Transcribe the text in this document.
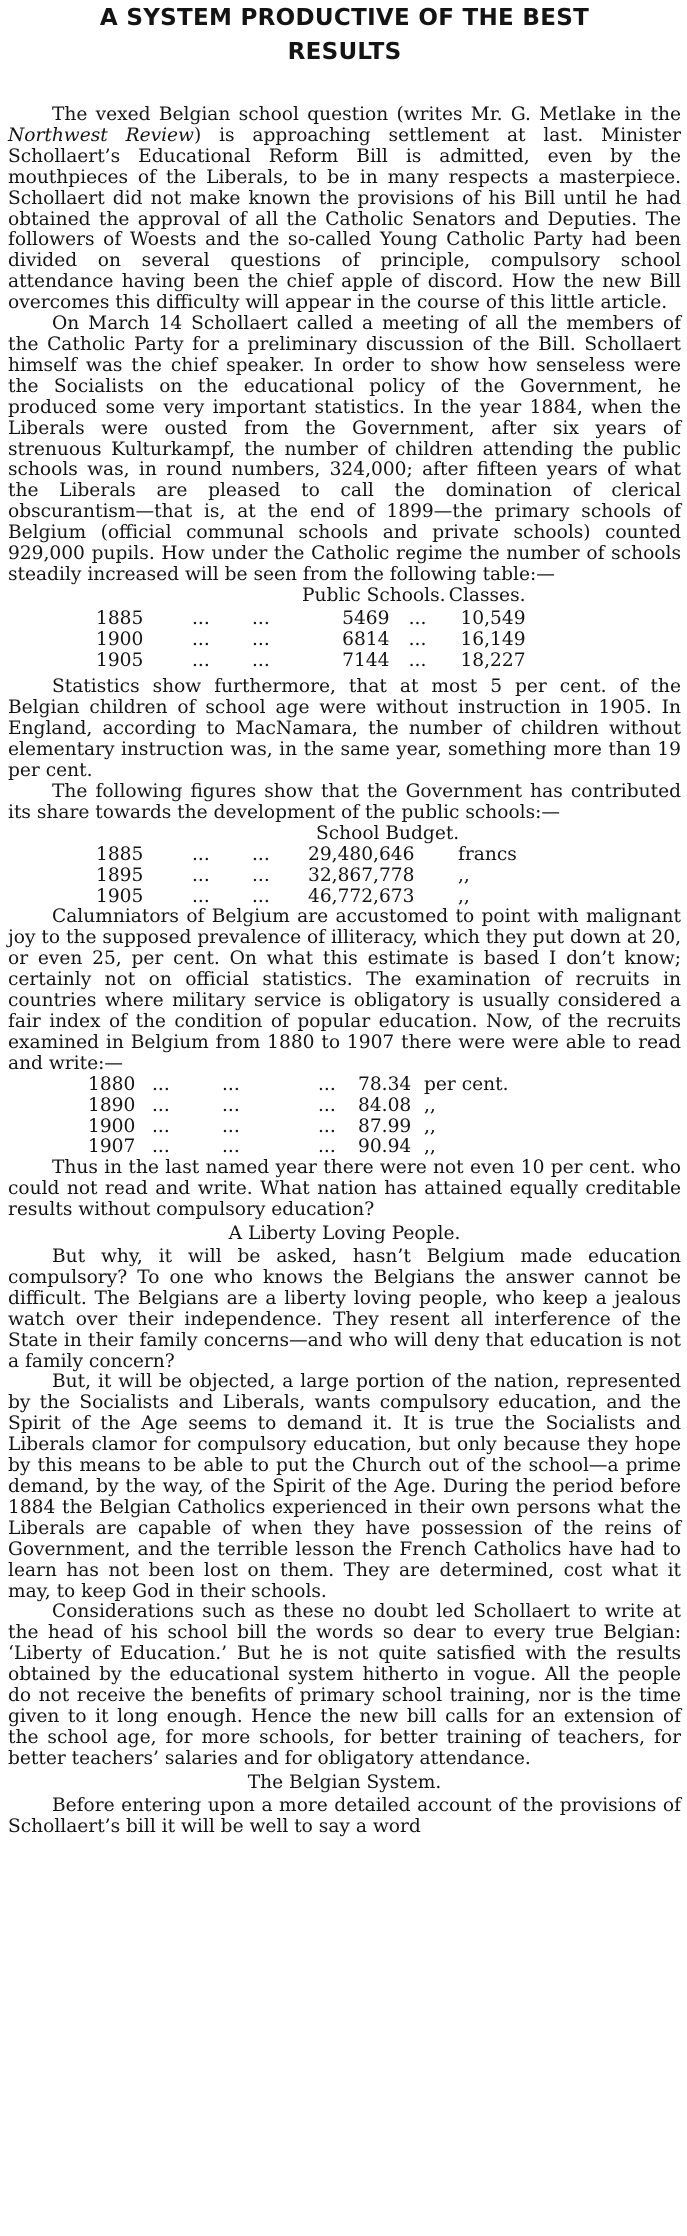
A SYSTEM PRODUCTIVE OF THE BEST
RESULTS

The vexed Belgian school question (writes Mr. G. Metlake in the Northwest Review) is approaching settlement at last. Minister Schollaert’s Educational Reform Bill is admitted, even by the mouthpieces of the Liberals, to be in many respects a masterpiece. Schollaert did not make known the provisions of his Bill until he had obtained the approval of all the Catholic Senators and Deputies. The followers of Woests and the so-called Young Catholic Party had been divided on several questions of principle, compulsory school attendance having been the chief apple of discord. How the new Bill overcomes this difficulty will appear in the course of this little article.

On March 14 Schollaert called a meeting of all the members of the Catholic Party for a preliminary discussion of the Bill. Schollaert himself was the chief speaker. In order to show how senseless were the Socialists on the educational policy of the Government, he produced some very important statistics. In the year 1884, when the Liberals were ousted from the Government, after six years of strenuous Kulturkampf, the number of children attending the public schools was, in round numbers, 324,000; after fifteen years of what the Liberals are pleased to call the domination of clerical obscurantism—that is, at the end of 1899—the primary schools of Belgium (official communal schools and private schools) counted 929,000 pupils. How under the Catholic regime the number of schools steadily increased will be seen from the following table:—

			Public Schools.		Classes.
1885	...	...	5469	...	10,549
1900	...	...	6814	...	16,149
1905	...	...	7144	...	18,227

Statistics show furthermore, that at most 5 per cent. of the Belgian children of school age were without instruction in 1905. In England, according to MacNamara, the number of children without elementary instruction was, in the same year, something more than 19 per cent.

The following figures show that the Government has contributed its share towards the development of the public schools:—

			School Budget.	
1885	...	...	29,480,646	francs
1895	...	...	32,867,778	,,
1905	...	...	46,772,673	,,

Calumniators of Belgium are accustomed to point with malignant joy to the supposed prevalence of illiteracy, which they put down at 20, or even 25, per cent. On what this estimate is based I don’t know; certainly not on official statistics. The examination of recruits in countries where military service is obligatory is usually considered a fair index of the condition of popular education. Now, of the recruits examined in Belgium from 1880 to 1907 there were were able to read and write:—

1880	...	...	...	78.34	per cent.
1890	...	...	...	84.08	,,
1900	...	...	...	87.99	,,
1907	...	...	...	90.94	,,

Thus in the last named year there were not even 10 per cent. who could not read and write. What nation has attained equally creditable results without compulsory education?

A Liberty Loving People.

But why, it will be asked, hasn’t Belgium made education compulsory? To one who knows the Belgians the answer cannot be difficult. The Belgians are a liberty loving people, who keep a jealous watch over their independence. They resent all interference of the State in their family concerns—and who will deny that education is not a family concern?

But, it will be objected, a large portion of the nation, represented by the Socialists and Liberals, wants compulsory education, and the Spirit of the Age seems to demand it. It is true the Socialists and Liberals clamor for compulsory education, but only because they hope by this means to be able to put the Church out of the school—a prime demand, by the way, of the Spirit of the Age. During the period before 1884 the Belgian Catholics experienced in their own persons what the Liberals are capable of when they have possession of the reins of Government, and the terrible lesson the French Catholics have had to learn has not been lost on them. They are determined, cost what it may, to keep God in their schools.

Considerations such as these no doubt led Schollaert to write at the head of his school bill the words so dear to every true Belgian: ‘Liberty of Education.’ But he is not quite satisfied with the results obtained by the educational system hitherto in vogue. All the people do not receive the benefits of primary school training, nor is the time given to it long enough. Hence the new bill calls for an extension of the school age, for more schools, for better training of teachers, for better teachers’ salaries and for obligatory attendance.

The Belgian System.

Before entering upon a more detailed account of the provisions of Schollaert’s bill it will be well to say a word
